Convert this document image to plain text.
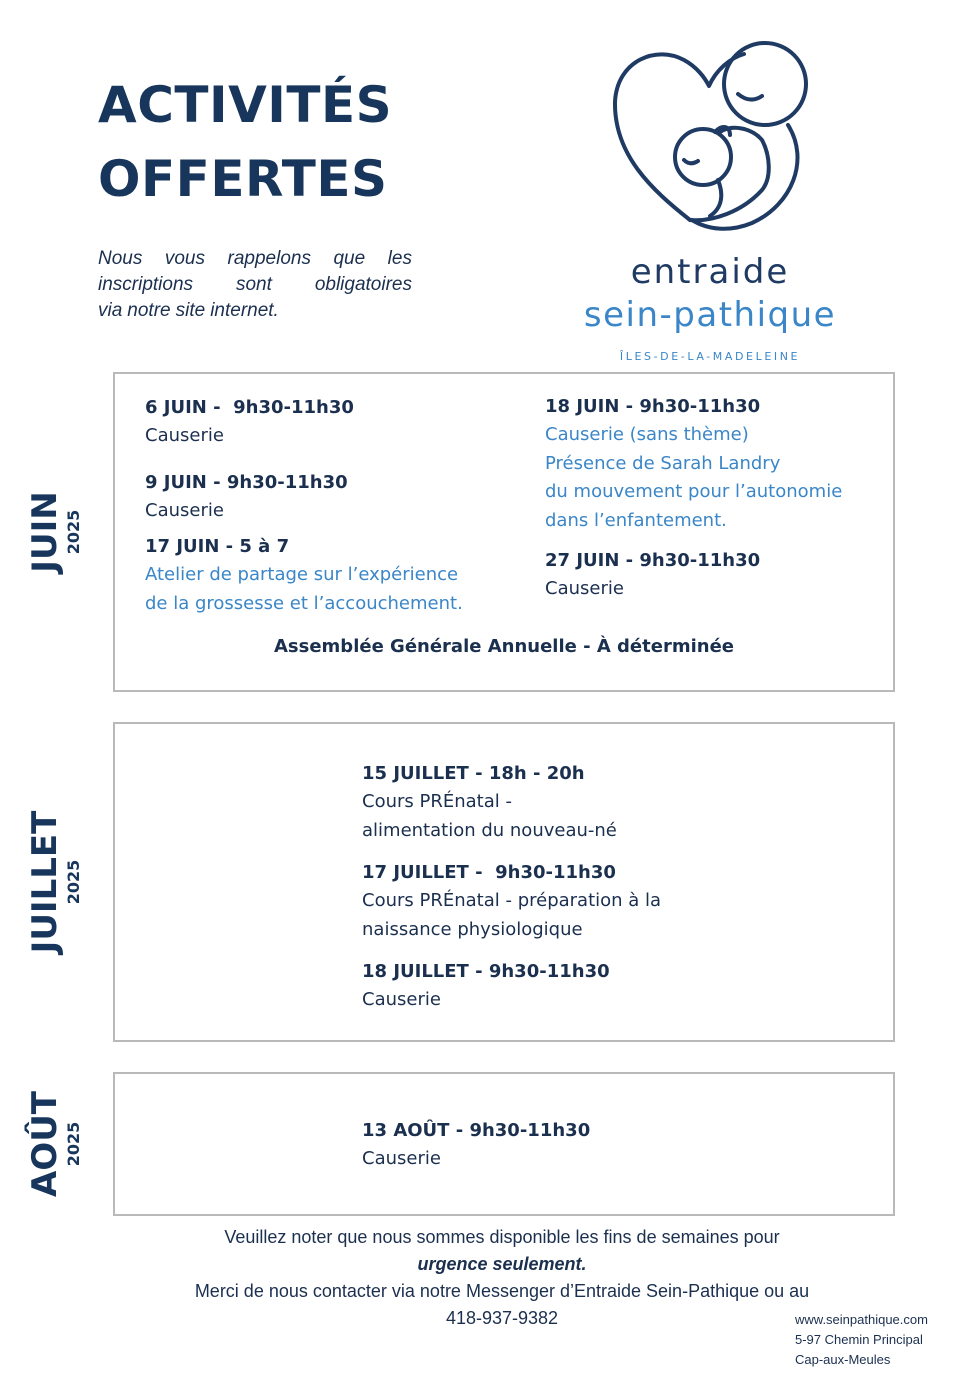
ACTIVITÉS
OFFERTES
Nous vous rappelons que les
inscriptions sont obligatoires
via notre site internet.
entraide
sein-pathique
ÎLES-DE-LA-MADELEINE
JUIN 2025
6 JUIN -  9h30-11h30
Causerie
9 JUIN - 9h30-11h30
Causerie
17 JUIN - 5 à 7
Atelier de partage sur l’expérience
de la grossesse et l’accouchement.
18 JUIN - 9h30-11h30
Causerie (sans thème)
Présence de Sarah Landry
du mouvement pour l’autonomie
dans l’enfantement.
27 JUIN - 9h30-11h30
Causerie
Assemblée Générale Annuelle - À déterminée
JUILLET 2025
15 JUILLET - 18h - 20h
Cours PRÉnatal -
alimentation du nouveau-né
17 JUILLET -  9h30-11h30
Cours PRÉnatal - préparation à la
naissance physiologique
18 JUILLET - 9h30-11h30
Causerie
AOÛT 2025	13 AOÛT - 9h30-11h30
Causerie
Veuillez noter que nous sommes disponible les fins de semaines pour
urgence seulement.
Merci de nous contacter via notre Messenger d’Entraide Sein-Pathique ou au
418-937-9382	www.seinpathique.com
5-97 Chemin Principal
Cap-aux-Meules
